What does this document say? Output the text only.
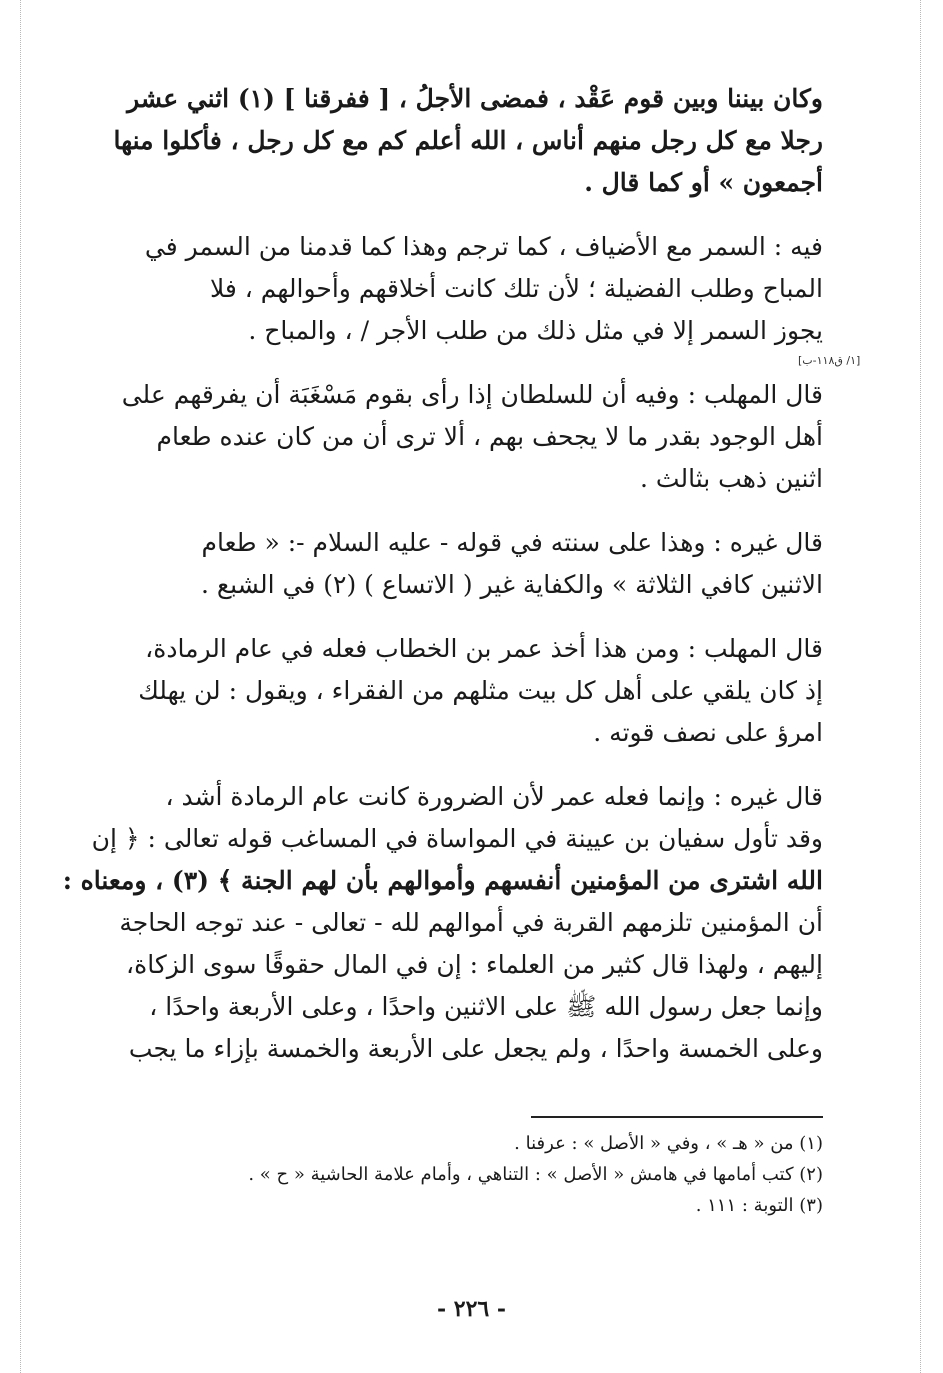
[١/ ق١١٨-ب]
وكان بيننا وبين قوم عَقْد ، فمضى الأجلُ ، [ ففرقنا ] (١) اثني عشر
رجلا مع كل رجل منهم أناس ، الله أعلم كم مع كل رجل ، فأكلوا منها
أجمعون » أو كما قال .
فيه : السمر مع الأضياف ، كما ترجم وهذا كما قدمنا من السمر في
المباح وطلب الفضيلة ؛ لأن تلك كانت أخلاقهم وأحوالهم ، فلا
يجوز السمر إلا في مثل ذلك من طلب الأجر / ، والمباح .
قال المهلب : وفيه أن للسلطان إذا رأى بقوم مَسْغَبَة أن يفرقهم على
أهل الوجود بقدر ما لا يجحف بهم ، ألا ترى أن من كان عنده طعام
اثنين ذهب بثالث .
قال غيره : وهذا على سنته في قوله - عليه السلام -: « طعام
الاثنين كافي الثلاثة » والكفاية غير ( الاتساع ) (٢) في الشبع .
قال المهلب : ومن هذا أخذ عمر بن الخطاب فعله في عام الرمادة،
إذ كان يلقي على أهل كل بيت مثلهم من الفقراء ، ويقول : لن يهلك
امرؤ على نصف قوته .
قال غيره : وإنما فعله عمر لأن الضرورة كانت عام الرمادة أشد ،
وقد تأول سفيان بن عيينة في المواساة في المساغب قوله تعالى : ﴿ إن
الله اشترى من المؤمنين أنفسهم وأموالهم بأن لهم الجنة ﴾ (٣) ، ومعناه :
أن المؤمنين تلزمهم القربة في أموالهم لله - تعالى - عند توجه الحاجة
إليهم ، ولهذا قال كثير من العلماء : إن في المال حقوقًا سوى الزكاة،
وإنما جعل رسول الله ﷺ على الاثنين واحدًا ، وعلى الأربعة واحدًا ،
وعلى الخمسة واحدًا ، ولم يجعل على الأربعة والخمسة بإزاء ما يجب
(١) من « هـ » ، وفي « الأصل » : عرفنا .
(٢) كتب أمامها في هامش « الأصل » : التناهي ، وأمام علامة الحاشية « ح » .
(٣) التوبة : ١١١ .
- ٢٢٦ -
